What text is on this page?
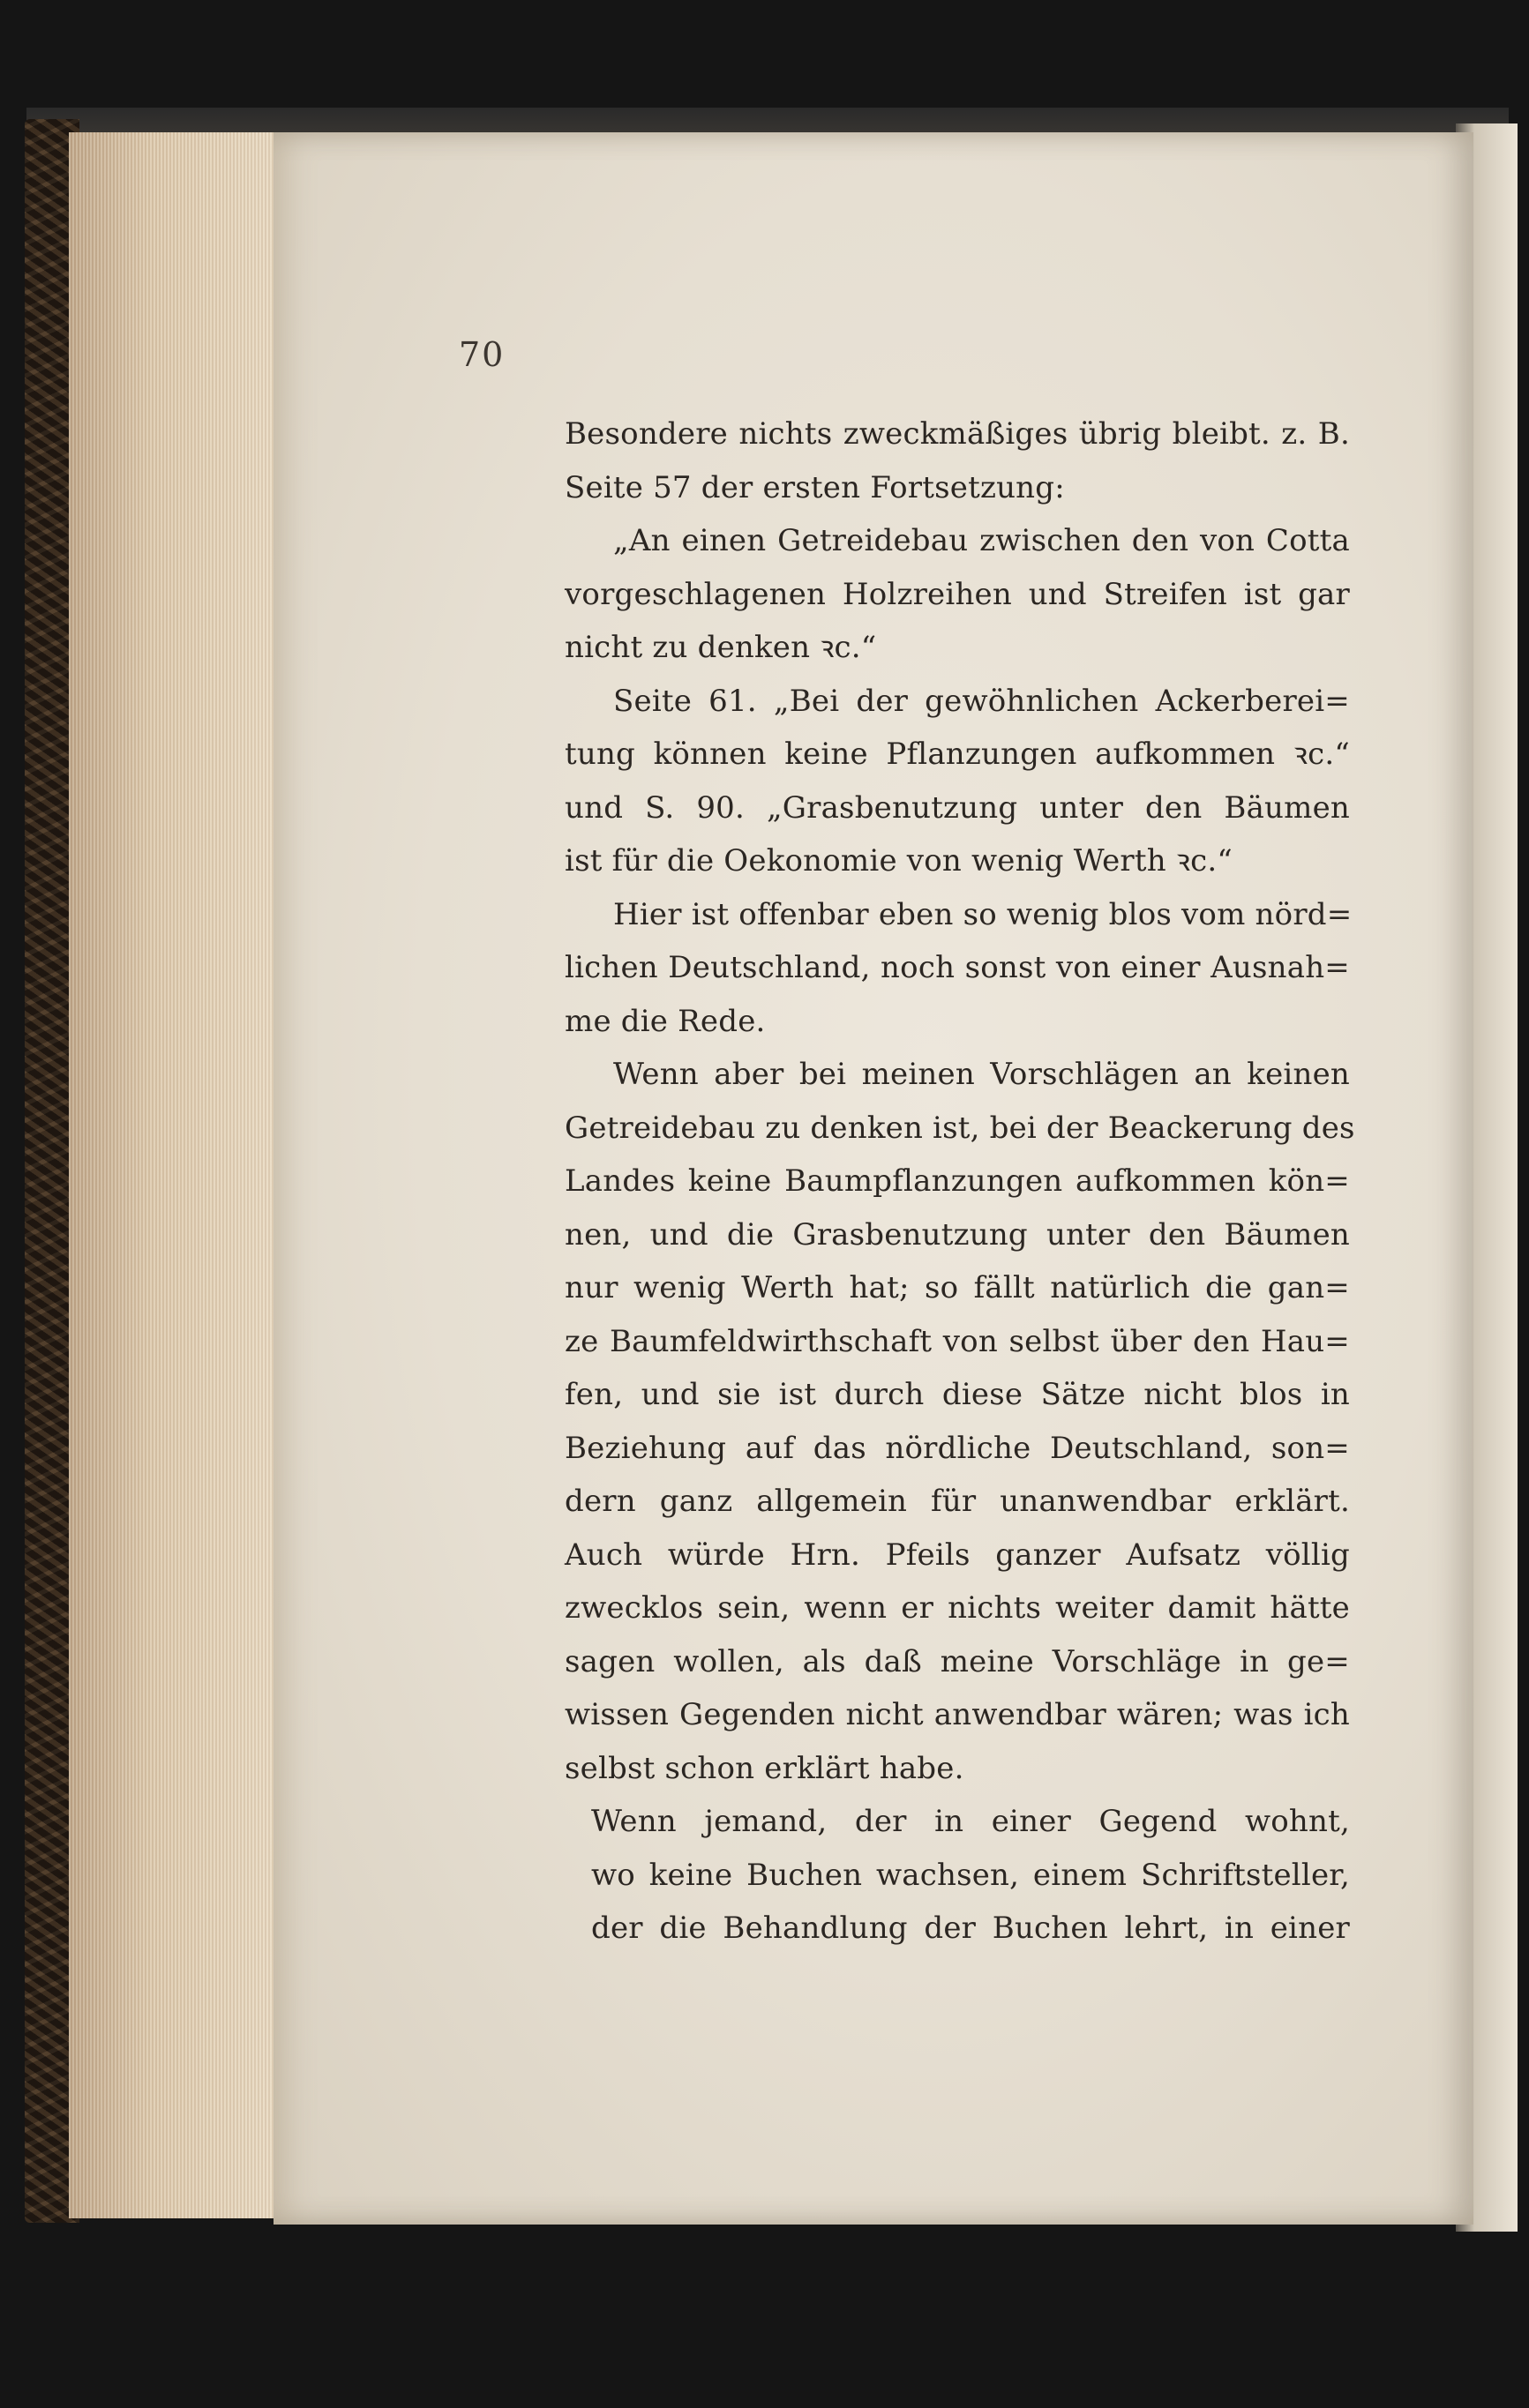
70
Besondere nichts zweckmäßiges übrig bleibt. z. B.
Seite 57 der ersten Fortsetzung:
„An einen Getreidebau zwischen den von Cotta
vorgeschlagenen Holzreihen und Streifen ist gar
nicht zu denken ꝛc.“
Seite 61. „Bei der gewöhnlichen Ackerberei=
tung können keine Pflanzungen aufkommen ꝛc.“
und S. 90. „Grasbenutzung unter den Bäumen
ist für die Oekonomie von wenig Werth ꝛc.“
Hier ist offenbar eben so wenig blos vom nörd=
lichen Deutschland, noch sonst von einer Ausnah=
me die Rede.
Wenn aber bei meinen Vorschlägen an keinen
Getreidebau zu denken ist, bei der Beackerung des
Landes keine Baumpflanzungen aufkommen kön=
nen, und die Grasbenutzung unter den Bäumen
nur wenig Werth hat; so fällt natürlich die gan=
ze Baumfeldwirthschaft von selbst über den Hau=
fen, und sie ist durch diese Sätze nicht blos in
Beziehung auf das nördliche Deutschland, son=
dern ganz allgemein für unanwendbar erklärt.
Auch würde Hrn. Pfeils ganzer Aufsatz völlig
zwecklos sein, wenn er nichts weiter damit hätte
sagen wollen, als daß meine Vorschläge in ge=
wissen Gegenden nicht anwendbar wären; was ich
selbst schon erklärt habe.
Wenn jemand, der in einer Gegend wohnt,
wo keine Buchen wachsen, einem Schriftsteller,
der die Behandlung der Buchen lehrt, in einer
